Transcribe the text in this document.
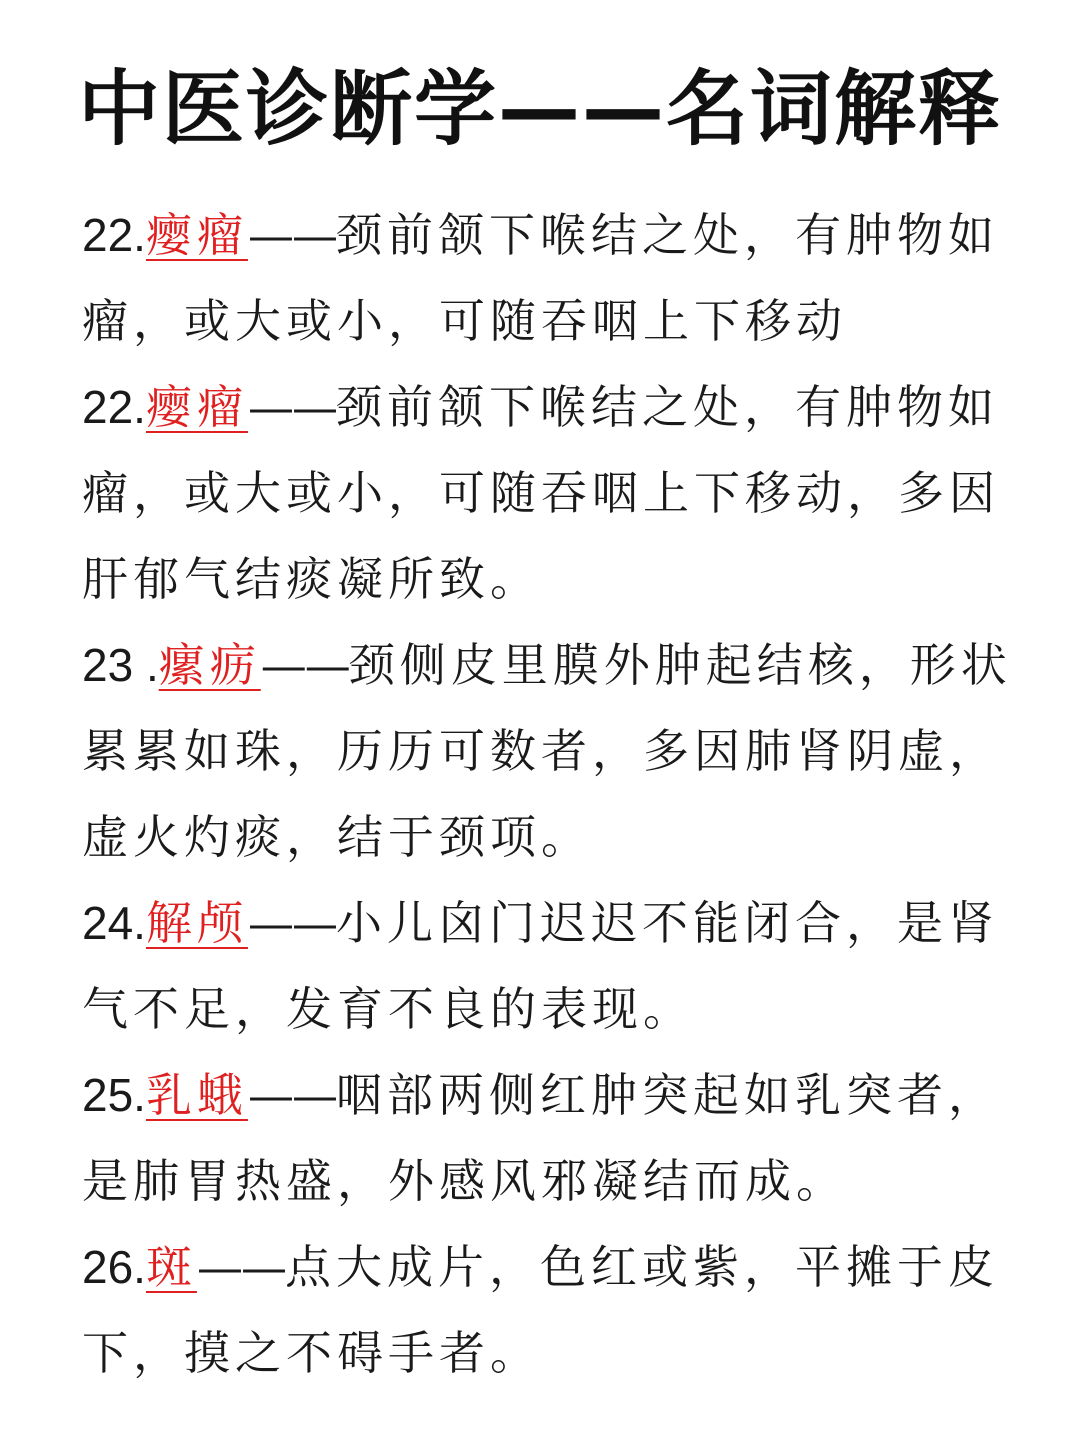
中医诊断学——名词解释

22.瘿瘤——颈前颔下喉结之处，有肿物如瘤，或大或小，可随吞咽上下移动

22.瘿瘤——颈前颔下喉结之处，有肿物如瘤，或大或小，可随吞咽上下移动，多因肝郁气结痰凝所致。

23 .瘰疬——颈侧皮里膜外肿起结核，形状累累如珠，历历可数者，多因肺肾阴虚，虚火灼痰，结于颈项。

24.解颅——小儿囟门迟迟不能闭合，是肾气不足，发育不良的表现。

25.乳蛾——咽部两侧红肿突起如乳突者，是肺胃热盛，外感风邪凝结而成。

26.斑——点大成片，色红或紫，平摊于皮下，摸之不碍手者。
